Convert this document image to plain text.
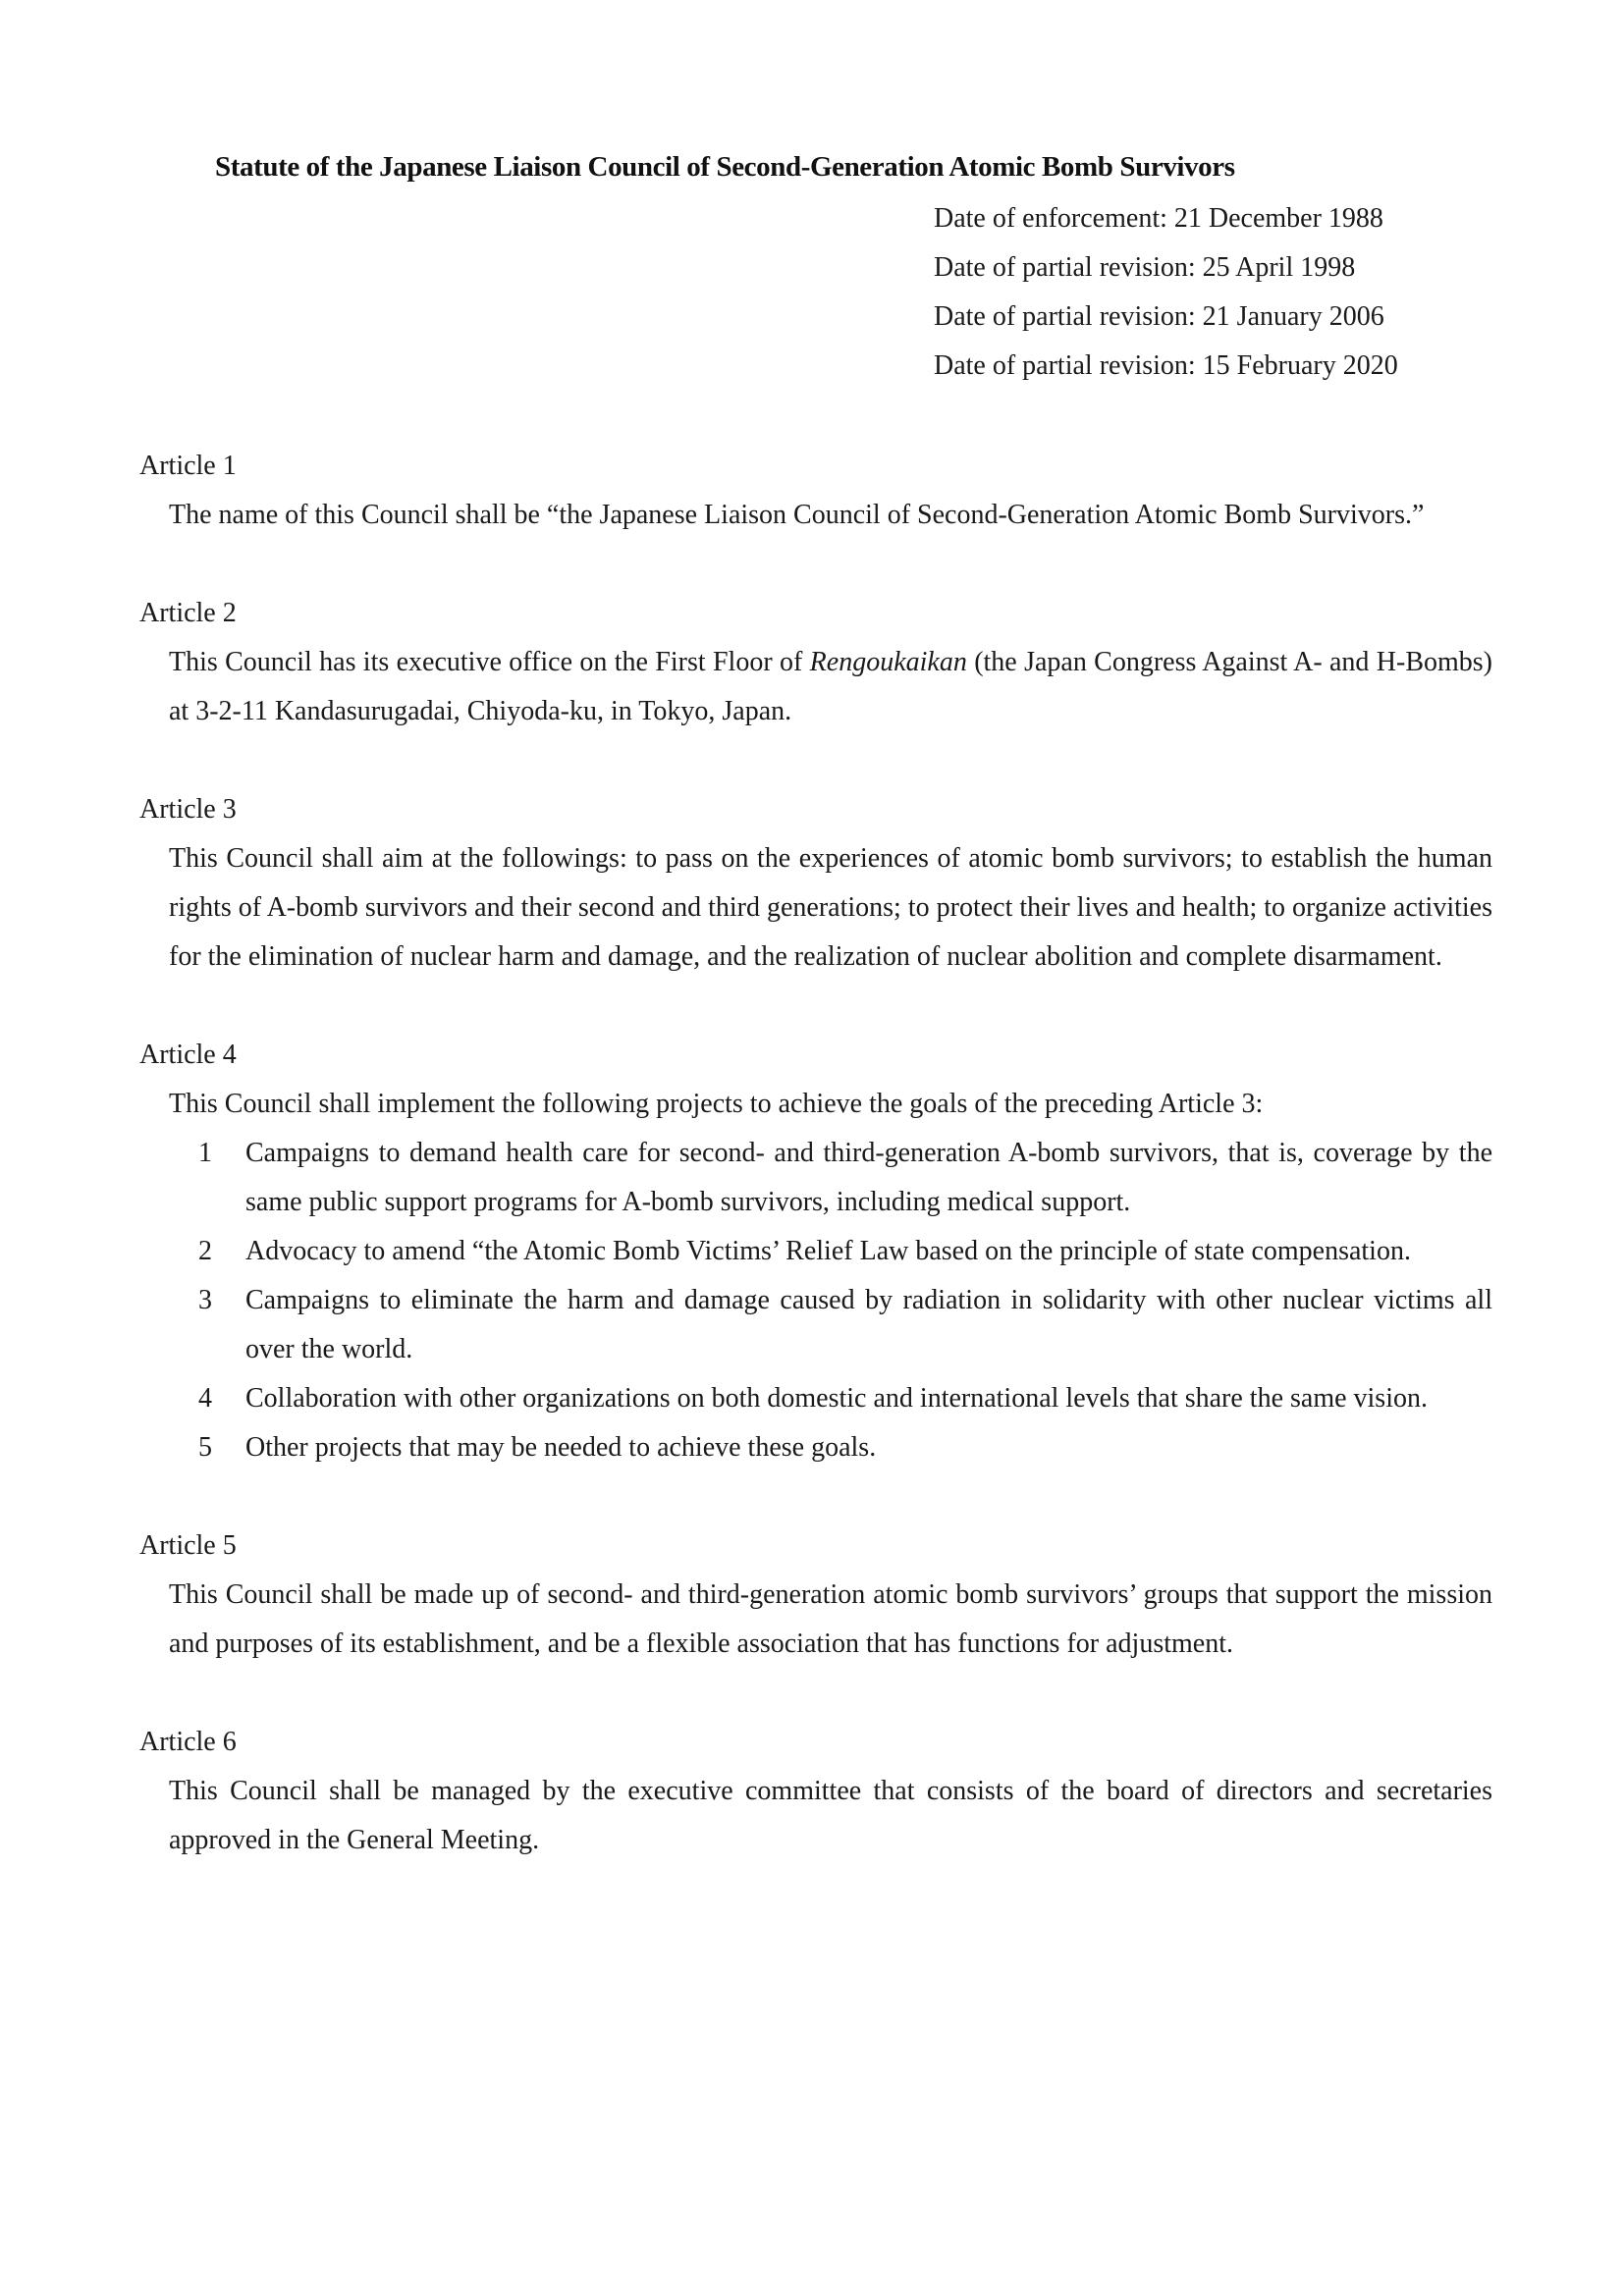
Statute of the Japanese Liaison Council of Second-Generation Atomic Bomb Survivors
Date of enforcement: 21 December 1988
Date of partial revision: 25 April 1998
Date of partial revision: 21 January 2006
Date of partial revision: 15 February 2020
Article 1
The name of this Council shall be “the Japanese Liaison Council of Second-Generation Atomic Bomb Survivors.”
Article 2
This Council has its executive office on the First Floor of Rengoukaikan (the Japan Congress Against A- and H-Bombs) at 3-2-11 Kandasurugadai, Chiyoda-ku, in Tokyo, Japan.
Article 3
This Council shall aim at the followings: to pass on the experiences of atomic bomb survivors; to establish the human rights of A-bomb survivors and their second and third generations; to protect their lives and health; to organize activities for the elimination of nuclear harm and damage, and the realization of nuclear abolition and complete disarmament.
Article 4
This Council shall implement the following projects to achieve the goals of the preceding Article 3:
1 Campaigns to demand health care for second- and third-generation A-bomb survivors, that is, coverage by the same public support programs for A-bomb survivors, including medical support.
2 Advocacy to amend “the Atomic Bomb Victims’ Relief Law based on the principle of state compensation.
3 Campaigns to eliminate the harm and damage caused by radiation in solidarity with other nuclear victims all over the world.
4 Collaboration with other organizations on both domestic and international levels that share the same vision.
5 Other projects that may be needed to achieve these goals.
Article 5
This Council shall be made up of second- and third-generation atomic bomb survivors’ groups that support the mission and purposes of its establishment, and be a flexible association that has functions for adjustment.
Article 6
This Council shall be managed by the executive committee that consists of the board of directors and secretaries approved in the General Meeting.
